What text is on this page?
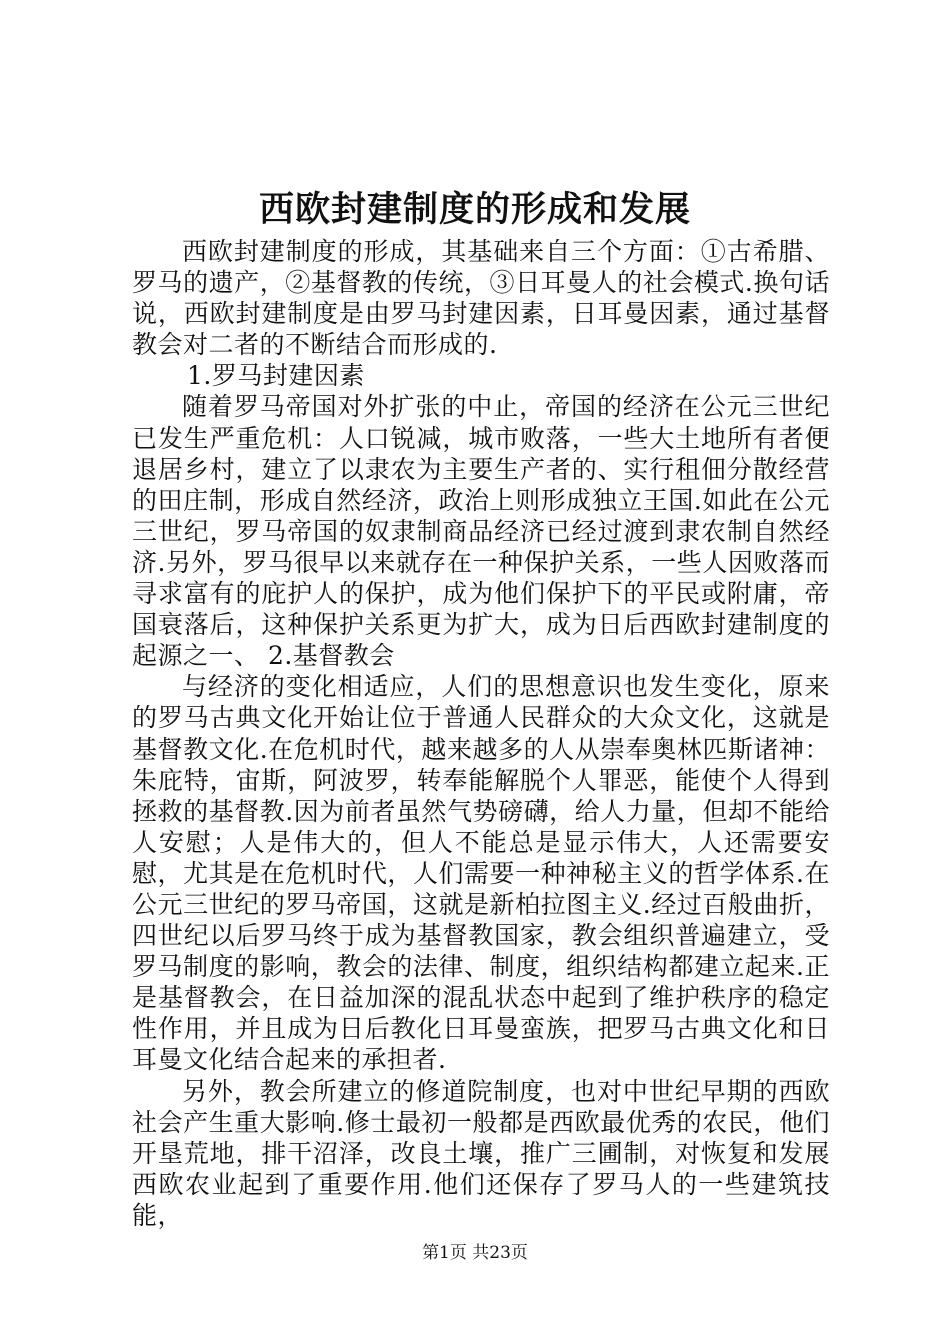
西欧封建制度的形成和发展

西欧封建制度的形成，其基础来自三个方面：①古希腊、罗马的遗产，②基督教的传统，③日耳曼人的社会模式.换句话说，西欧封建制度是由罗马封建因素，日耳曼因素，通过基督教会对二者的不断结合而形成的.

1.罗马封建因素

随着罗马帝国对外扩张的中止，帝国的经济在公元三世纪已发生严重危机：人口锐减，城市败落，一些大土地所有者便退居乡村，建立了以隶农为主要生产者的、实行租佃分散经营的田庄制，形成自然经济，政治上则形成独立王国.如此在公元三世纪，罗马帝国的奴隶制商品经济已经过渡到隶农制自然经济.另外，罗马很早以来就存在一种保护关系，一些人因败落而寻求富有的庇护人的保护，成为他们保护下的平民或附庸，帝国衰落后，这种保护关系更为扩大，成为日后西欧封建制度的起源之一、 2.基督教会

与经济的变化相适应，人们的思想意识也发生变化，原来的罗马古典文化开始让位于普通人民群众的大众文化，这就是基督教文化.在危机时代，越来越多的人从崇奉奥林匹斯诸神：朱庇特，宙斯，阿波罗，转奉能解脱个人罪恶，能使个人得到拯救的基督教.因为前者虽然气势磅礴，给人力量，但却不能给人安慰；人是伟大的，但人不能总是显示伟大，人还需要安慰，尤其是在危机时代，人们需要一种神秘主义的哲学体系.在公元三世纪的罗马帝国，这就是新柏拉图主义.经过百般曲折，四世纪以后罗马终于成为基督教国家，教会组织普遍建立，受罗马制度的影响，教会的法律、制度，组织结构都建立起来.正是基督教会，在日益加深的混乱状态中起到了维护秩序的稳定性作用，并且成为日后教化日耳曼蛮族，把罗马古典文化和日耳曼文化结合起来的承担者.

另外，教会所建立的修道院制度，也对中世纪早期的西欧社会产生重大影响.修士最初一般都是西欧最优秀的农民，他们开垦荒地，排干沼泽，改良土壤，推广三圃制，对恢复和发展西欧农业起到了重要作用.他们还保存了罗马人的一些建筑技能，

第1页 共23页
